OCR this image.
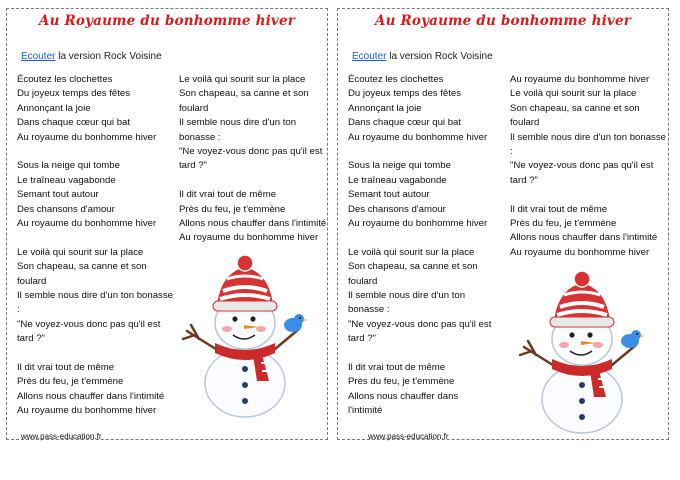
Au Royaume du bonhomme hiver
Ecouter la version Rock Voisine
Écoutez les clochettes
Du joyeux temps des fêtes
Annonçant la joie
Dans chaque cœur qui bat
Au royaume du bonhomme hiver
Sous la neige qui tombe
Le traîneau vagabonde
Semant tout autour
Des chansons d'amour
Au royaume du bonhomme hiver
Le voilà qui sourit sur la place
Son chapeau, sa canne et son foulard
Il semble nous dire d'un ton bonasse :
"Ne voyez-vous donc pas qu'il est tard ?"
Il dit vrai tout de même
Près du feu, je t'emmène
Allons nous chauffer dans l'intimité
Au royaume du bonhomme hiver
Le voilà qui sourit sur la place
Son chapeau, sa canne et son foulard
Il semble nous dire d'un ton bonasse :
"Ne voyez-vous donc pas qu'il est tard ?"
Il dit vrai tout de même
Près du feu, je t'emmène
Allons nous chauffer dans l'intimité
Au royaume du bonhomme hiver
www.pass-education.fr
Au Royaume du bonhomme hiver
Ecouter la version Rock Voisine
Écoutez les clochettes
Du joyeux temps des fêtes
Annonçant la joie
Dans chaque cœur qui bat
Au royaume du bonhomme hiver
Sous la neige qui tombe
Le traîneau vagabonde
Semant tout autour
Des chansons d'amour
Au royaume du bonhomme hiver
Le voilà qui sourit sur la place
Son chapeau, sa canne et son foulard
Il semble nous dire d'un ton bonasse :
"Ne voyez-vous donc pas qu'il est tard ?"
Il dit vrai tout de même
Près du feu, je t'emmène
Allons nous chauffer dans
l'intimité
Au royaume du bonhomme hiver
Le voilà qui sourit sur la place
Son chapeau, sa canne et son foulard
Il semble nous dire d'un ton bonasse :
"Ne voyez-vous donc pas qu'il est tard ?"
Il dit vrai tout de même
Près du feu, je t'emmène
Allons nous chauffer dans l'intimité
Au royaume du bonhomme hiver
www.pass-education.fr
